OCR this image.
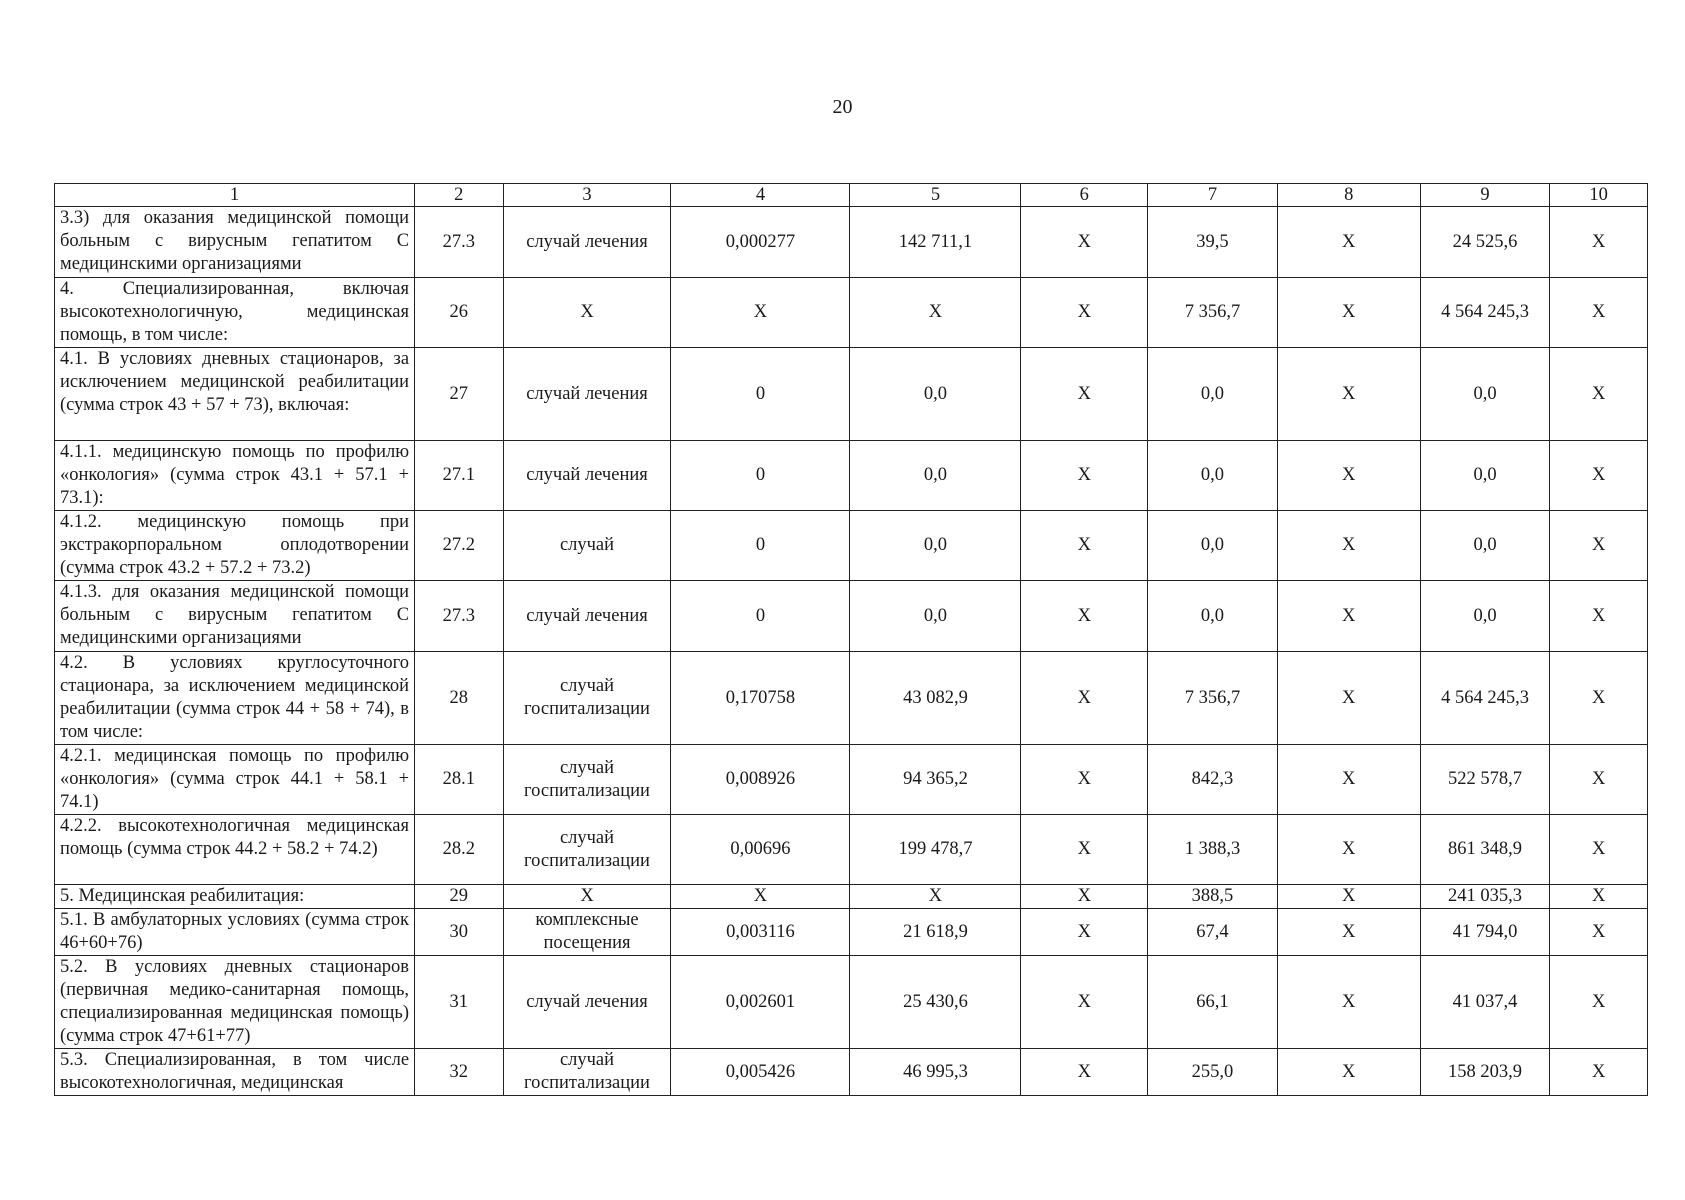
20
1	2	3	4	5	6	7	8	9	10
3.3) для оказания медицинской помощи больным с вирусным гепатитом С медицинскими организациями	27.3	случай лечения	0,000277	142 711,1	X	39,5	X	24 525,6	X
4. Специализированная, включая высокотехнологичную, медицинская помощь, в том числе:	26	X	X	X	X	7 356,7	X	4 564 245,3	X
4.1. В условиях дневных стационаров, за исключением медицинской реабилитации (сумма строк 43 + 57 + 73), включая:	27	случай лечения	0	0,0	X	0,0	X	0,0	X
4.1.1. медицинскую помощь по профилю «онкология» (сумма строк 43.1 + 57.1 + 73.1):	27.1	случай лечения	0	0,0	X	0,0	X	0,0	X
4.1.2. медицинскую помощь при экстракорпоральном оплодотворении (сумма строк 43.2 + 57.2 + 73.2)	27.2	случай	0	0,0	X	0,0	X	0,0	X
4.1.3. для оказания медицинской помощи больным с вирусным гепатитом С медицинскими организациями	27.3	случай лечения	0	0,0	X	0,0	X	0,0	X
4.2. В условиях круглосуточного стационара, за исключением медицинской реабилитации (сумма строк 44 + 58 + 74), в том числе:	28	случай госпитализации	0,170758	43 082,9	X	7 356,7	X	4 564 245,3	X
4.2.1. медицинская помощь по профилю «онкология» (сумма строк 44.1 + 58.1 + 74.1)	28.1	случай госпитализации	0,008926	94 365,2	X	842,3	X	522 578,7	X
4.2.2. высокотехнологичная медицинская помощь (сумма строк 44.2 + 58.2 + 74.2)	28.2	случай госпитализации	0,00696	199 478,7	X	1 388,3	X	861 348,9	X
5. Медицинская реабилитация:	29	X	X	X	X	388,5	X	241 035,3	X
5.1. В амбулаторных условиях (сумма строк 46+60+76)	30	комплексные посещения	0,003116	21 618,9	X	67,4	X	41 794,0	X
5.2. В условиях дневных стационаров (первичная медико-санитарная помощь, специализированная медицинская помощь) (сумма строк 47+61+77)	31	случай лечения	0,002601	25 430,6	X	66,1	X	41 037,4	X
5.3. Специализированная, в том числе высокотехнологичная, медицинская	32	случай госпитализации	0,005426	46 995,3	X	255,0	X	158 203,9	X
